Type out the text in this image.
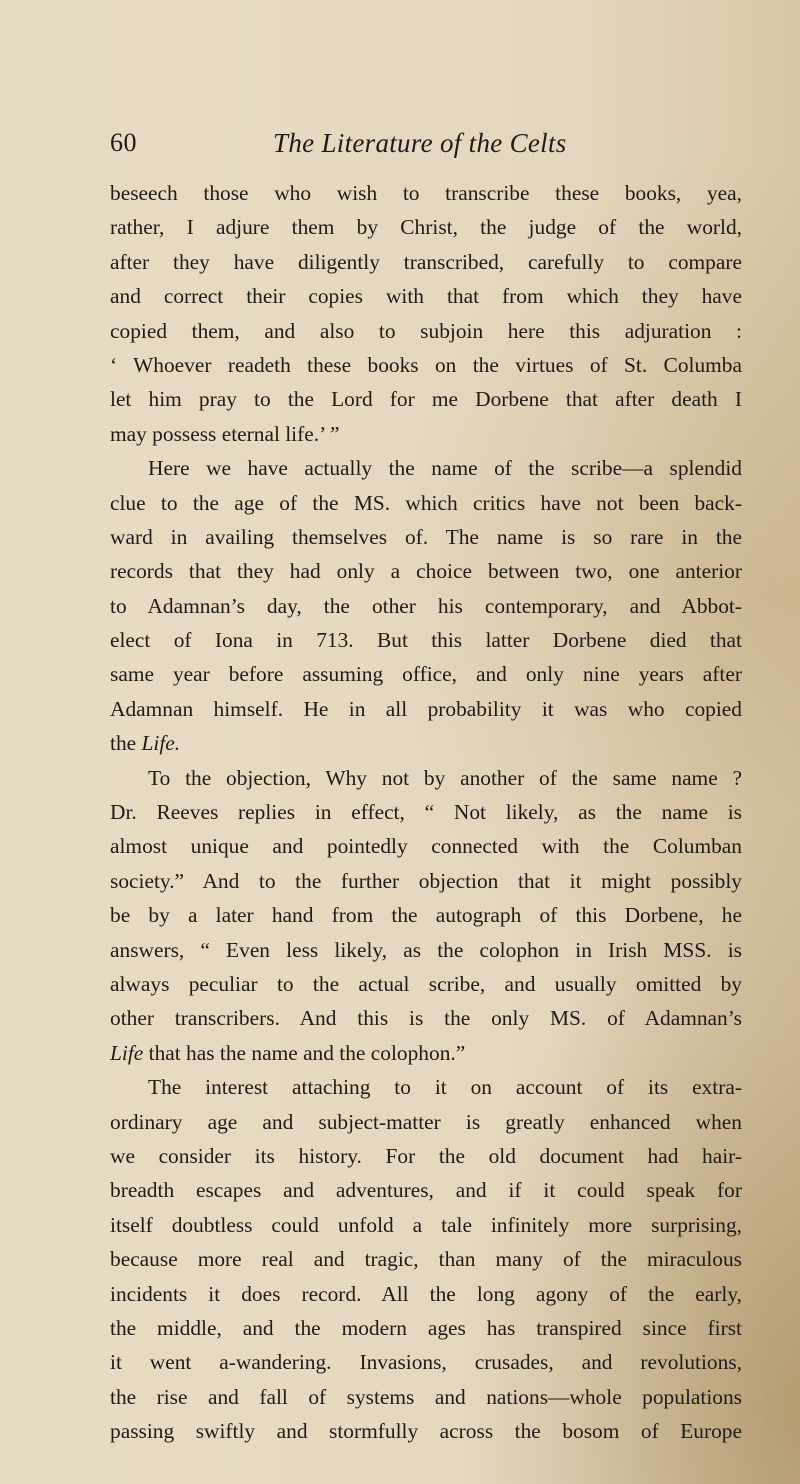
60	The Literature of the Celts
beseech those who wish to transcribe these books, yea,
rather, I adjure them by Christ, the judge of the world,
after they have diligently transcribed, carefully to compare
and correct their copies with that from which they have
copied them, and also to subjoin here this adjuration :
‘ Whoever readeth these books on the virtues of St. Columba
let him pray to the Lord for me Dorbene that after death I
may possess eternal life.’ ”
Here we have actually the name of the scribe—a splendid
clue to the age of the MS. which critics have not been back-
ward in availing themselves of. The name is so rare in the
records that they had only a choice between two, one anterior
to Adamnan’s day, the other his contemporary, and Abbot-
elect of Iona in 713. But this latter Dorbene died that
same year before assuming office, and only nine years after
Adamnan himself. He in all probability it was who copied
the Life.
To the objection, Why not by another of the same name ?
Dr. Reeves replies in effect, “ Not likely, as the name is
almost unique and pointedly connected with the Columban
society.” And to the further objection that it might possibly
be by a later hand from the autograph of this Dorbene, he
answers, “ Even less likely, as the colophon in Irish MSS. is
always peculiar to the actual scribe, and usually omitted by
other transcribers. And this is the only MS. of Adamnan’s
Life that has the name and the colophon.”
The interest attaching to it on account of its extra-
ordinary age and subject-matter is greatly enhanced when
we consider its history. For the old document had hair-
breadth escapes and adventures, and if it could speak for
itself doubtless could unfold a tale infinitely more surprising,
because more real and tragic, than many of the miraculous
incidents it does record. All the long agony of the early,
the middle, and the modern ages has transpired since first
it went a-wandering. Invasions, crusades, and revolutions,
the rise and fall of systems and nations—whole populations
passing swiftly and stormfully across the bosom of Europe
